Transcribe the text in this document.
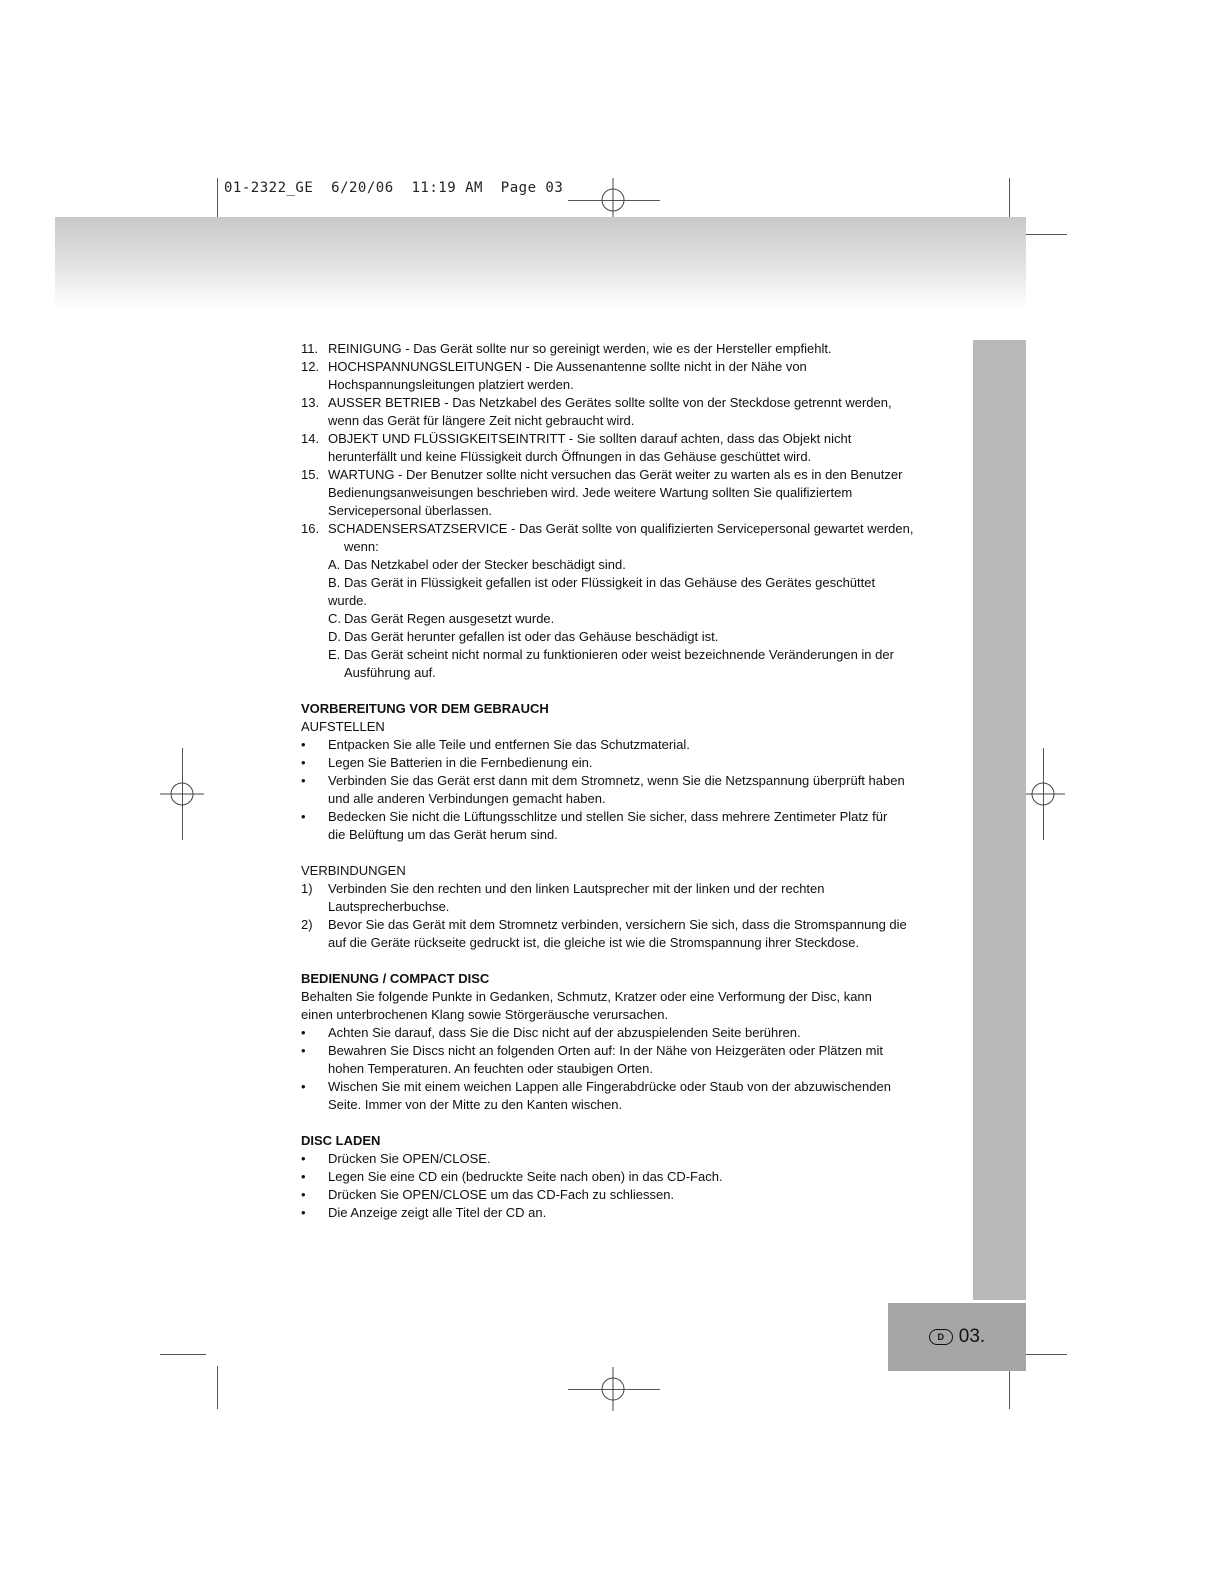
01-2322_GE  6/20/06  11:19 AM  Page 03
D 03.
11. REINIGUNG - Das Gerät sollte nur so gereinigt werden, wie es der Hersteller empfiehlt.
12. HOCHSPANNUNGSLEITUNGEN - Die Aussenantenne sollte nicht in der Nähe von
Hochspannungsleitungen platziert werden.
13. AUSSER BETRIEB - Das Netzkabel des Gerätes sollte sollte von der Steckdose getrennt werden,
wenn das Gerät für längere Zeit nicht gebraucht wird.
14. OBJEKT UND FLÜSSIGKEITSEINTRITT - Sie sollten darauf achten, dass das Objekt nicht
herunterfällt und keine Flüssigkeit durch Öffnungen in das Gehäuse geschüttet wird.
15. WARTUNG - Der Benutzer sollte nicht versuchen das Gerät weiter zu warten als es in den Benutzer
Bedienungsanweisungen beschrieben wird. Jede weitere Wartung sollten Sie qualifiziertem
Servicepersonal überlassen.
16. SCHADENSERSATZSERVICE - Das Gerät sollte von qualifizierten Servicepersonal gewartet werden,
wenn:
A. Das Netzkabel oder der Stecker beschädigt sind.
B. Das Gerät in Flüssigkeit gefallen ist oder Flüssigkeit in das Gehäuse des Gerätes geschüttet
wurde.
C. Das Gerät Regen ausgesetzt wurde.
D. Das Gerät herunter gefallen ist oder das Gehäuse beschädigt ist.
E. Das Gerät scheint nicht normal zu funktionieren oder weist bezeichnende Veränderungen in der
Ausführung auf.
VORBEREITUNG VOR DEM GEBRAUCH
AUFSTELLEN
• Entpacken Sie alle Teile und entfernen Sie das Schutzmaterial.
• Legen Sie Batterien in die Fernbedienung ein.
• Verbinden Sie das Gerät erst dann mit dem Stromnetz, wenn Sie die Netzspannung überprüft haben
und alle anderen Verbindungen gemacht haben.
• Bedecken Sie nicht die Lüftungsschlitze und stellen Sie sicher, dass mehrere Zentimeter Platz für
die Belüftung um das Gerät herum sind.
VERBINDUNGEN
1) Verbinden Sie den rechten und den linken Lautsprecher mit der linken und der rechten
Lautsprecherbuchse.
2) Bevor Sie das Gerät mit dem Stromnetz verbinden, versichern Sie sich, dass die Stromspannung die
auf die Geräte rückseite gedruckt ist, die gleiche ist wie die Stromspannung ihrer Steckdose.
BEDIENUNG / COMPACT DISC
Behalten Sie folgende Punkte in Gedanken, Schmutz, Kratzer oder eine Verformung der Disc, kann
einen unterbrochenen Klang sowie Störgeräusche verursachen.
• Achten Sie darauf, dass Sie die Disc nicht auf der abzuspielenden Seite berühren.
• Bewahren Sie Discs nicht an folgenden Orten auf: In der Nähe von Heizgeräten oder Plätzen mit
hohen Temperaturen. An feuchten oder staubigen Orten.
• Wischen Sie mit einem weichen Lappen alle Fingerabdrücke oder Staub von der abzuwischenden
Seite. Immer von der Mitte zu den Kanten wischen.
DISC LADEN
• Drücken Sie OPEN/CLOSE.
• Legen Sie eine CD ein (bedruckte Seite nach oben) in das CD-Fach.
• Drücken Sie OPEN/CLOSE um das CD-Fach zu schliessen.
• Die Anzeige zeigt alle Titel der CD an.
